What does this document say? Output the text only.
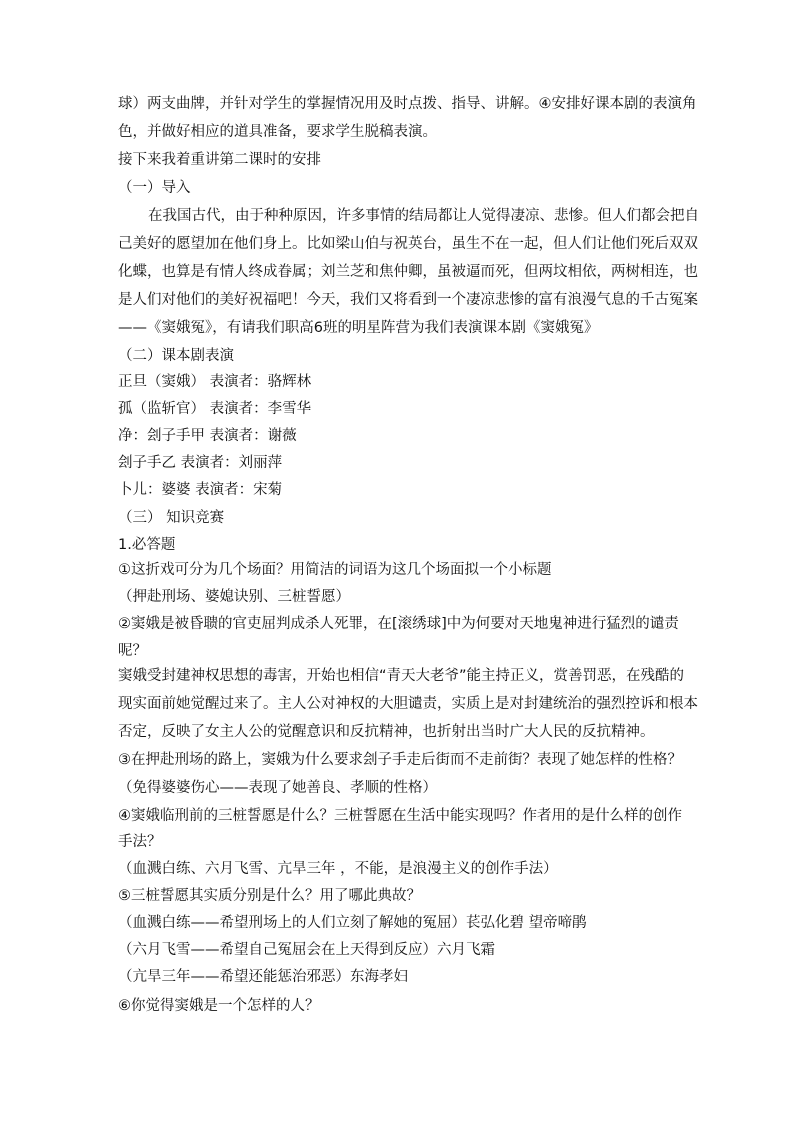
球）两支曲牌，并针对学生的掌握情况用及时点拨、指导、讲解。④安排好课本剧的表演角
色，并做好相应的道具准备，要求学生脱稿表演。
接下来我着重讲第二课时的安排
（一）导入
在我国古代，由于种种原因，许多事情的结局都让人觉得凄凉、悲惨。但人们都会把自
己美好的愿望加在他们身上。比如梁山伯与祝英台，虽生不在一起，但人们让他们死后双双
化蝶，也算是有情人终成眷属；刘兰芝和焦仲卿，虽被逼而死，但两坟相依，两树相连，也
是人们对他们的美好祝福吧！今天，我们又将看到一个凄凉悲惨的富有浪漫气息的千古冤案
——《窦娥冤》，有请我们职高6班的明星阵营为我们表演课本剧《窦娥冤》
（二）课本剧表演
正旦（窦娥） 表演者：骆辉林
孤（监斩官） 表演者：李雪华
净：刽子手甲 表演者：谢薇
刽子手乙 表演者：刘丽萍
卜儿：婆婆 表演者：宋菊
（三） 知识竞赛
1.必答题
①这折戏可分为几个场面？用简洁的词语为这几个场面拟一个小标题
（押赴刑场、婆媳诀别、三桩誓愿）
②窦娥是被昏聩的官吏屈判成杀人死罪，在[滚绣球]中为何要对天地鬼神进行猛烈的谴责
呢？
窦娥受封建神权思想的毒害，开始也相信“青天大老爷”能主持正义，赏善罚恶，在残酷的
现实面前她觉醒过来了。主人公对神权的大胆谴责，实质上是对封建统治的强烈控诉和根本
否定，反映了女主人公的觉醒意识和反抗精神，也折射出当时广大人民的反抗精神。
③在押赴刑场的路上，窦娥为什么要求刽子手走后街而不走前街？表现了她怎样的性格？
（免得婆婆伤心——表现了她善良、孝顺的性格）
④窦娥临刑前的三桩誓愿是什么？三桩誓愿在生活中能实现吗？作者用的是什么样的创作
手法？
（血溅白练、六月飞雪、亢旱三年 ，不能，是浪漫主义的创作手法）
⑤三桩誓愿其实质分别是什么？用了哪此典故？
（血溅白练——希望刑场上的人们立刻了解她的冤屈）苌弘化碧 望帝啼鹃
（六月飞雪——希望自己冤屈会在上天得到反应）六月飞霜
（亢旱三年——希望还能惩治邪恶）东海孝妇
⑥你觉得窦娥是一个怎样的人？
